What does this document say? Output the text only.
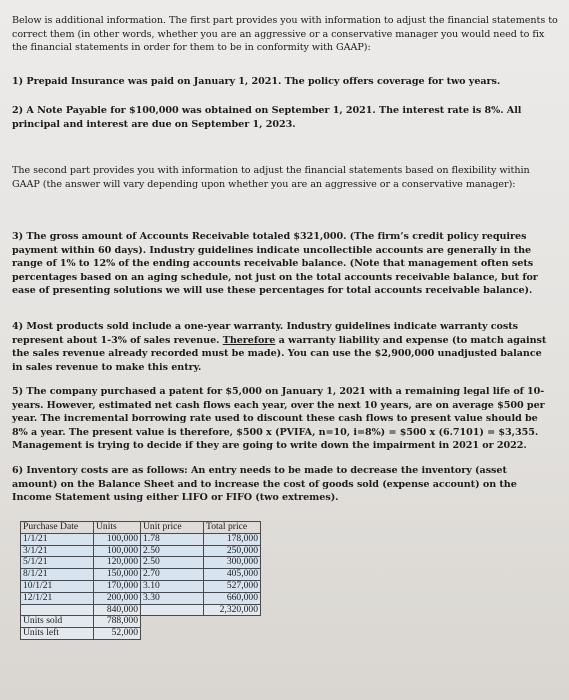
Below is additional information. The first part provides you with information to adjust the financial statements to correct them (in other words, whether you are an aggressive or a conservative manager you would need to fix the financial statements in order for them to be in conformity with GAAP):

1) Prepaid Insurance was paid on January 1, 2021. The policy offers coverage for two years.

2) A Note Payable for $100,000 was obtained on September 1, 2021. The interest rate is 8%. All principal and interest are due on September 1, 2023.

The second part provides you with information to adjust the financial statements based on flexibility within GAAP (the answer will vary depending upon whether you are an aggressive or a conservative manager):

3) The gross amount of Accounts Receivable totaled $321,000. (The firm’s credit policy requires payment within 60 days). Industry guidelines indicate uncollectible accounts are generally in the range of 1% to 12% of the ending accounts receivable balance. (Note that management often sets percentages based on an aging schedule, not just on the total accounts receivable balance, but for ease of presenting solutions we will use these percentages for total accounts receivable balance).

4) Most products sold include a one-year warranty. Industry guidelines indicate warranty costs represent about 1-3% of sales revenue. Therefore a warranty liability and expense (to match against the sales revenue already recorded must be made). You can use the $2,900,000 unadjusted balance in sales revenue to make this entry.

5) The company purchased a patent for $5,000 on January 1, 2021 with a remaining legal life of 10-years. However, estimated net cash flows each year, over the next 10 years, are on average $500 per year. The incremental borrowing rate used to discount these cash flows to present value should be 8% a year. The present value is therefore, $500 x (PVIFA, n=10, i=8%) = $500 x (6.7101) = $3,355. Management is trying to decide if they are going to write down the impairment in 2021 or 2022.

6) Inventory costs are as follows: An entry needs to be made to decrease the inventory (asset amount) on the Balance Sheet and to increase the cost of goods sold (expense account) on the Income Statement using either LIFO or FIFO (two extremes).

Purchase Date	Units	Unit price	Total price
1/1/21	100,000	1.78	178,000
3/1/21	100,000	2.50	250,000
5/1/21	120,000	2.50	300,000
8/1/21	150,000	2.70	405,000
10/1/21	170,000	3.10	527,000
12/1/21	200,000	3.30	660,000
	840,000		2,320,000
Units sold	788,000		
Units left	52,000		
